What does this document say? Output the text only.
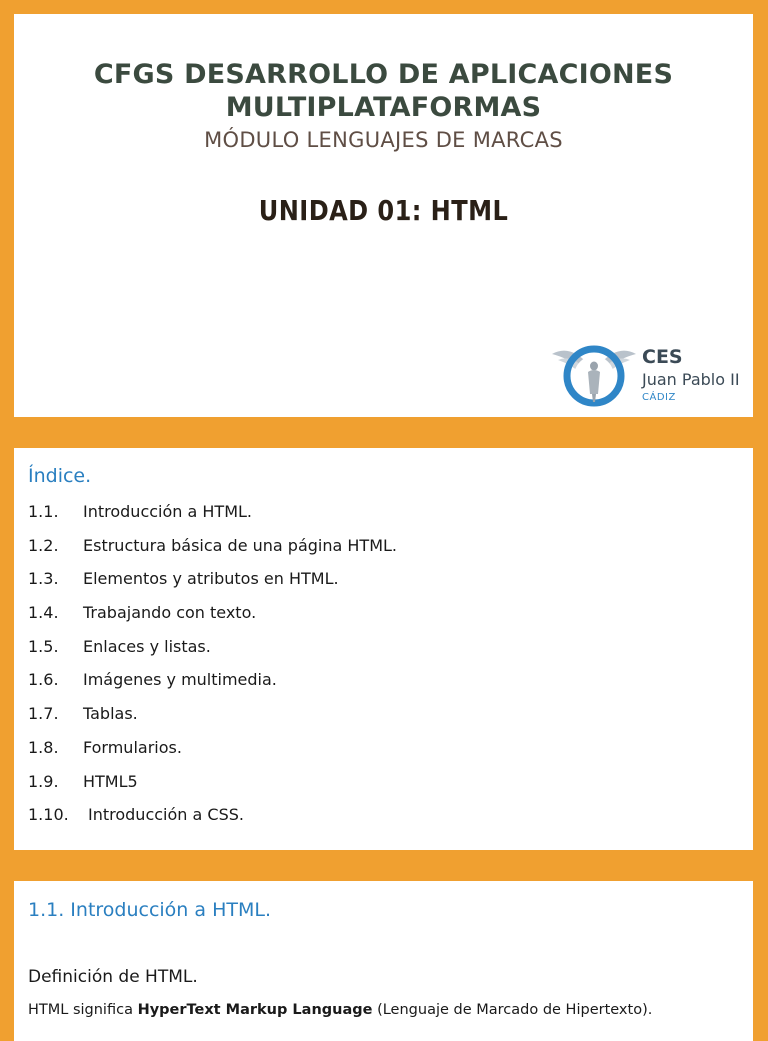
CFGS DESARROLLO DE APLICACIONES
MULTIPLATAFORMAS
MÓDULO LENGUAJES DE MARCAS
UNIDAD 01: HTML
CES
Juan Pablo II
CÁDIZ
Índice.
1.1. Introducción a HTML.
1.2. Estructura básica de una página HTML.
1.3. Elementos y atributos en HTML.
1.4. Trabajando con texto.
1.5. Enlaces y listas.
1.6. Imágenes y multimedia.
1.7. Tablas.
1.8. Formularios.
1.9. HTML5
1.10. Introducción a CSS.
1.1. Introducción a HTML.
Definición de HTML.
HTML significa HyperText Markup Language (Lenguaje de Marcado de Hipertexto).
